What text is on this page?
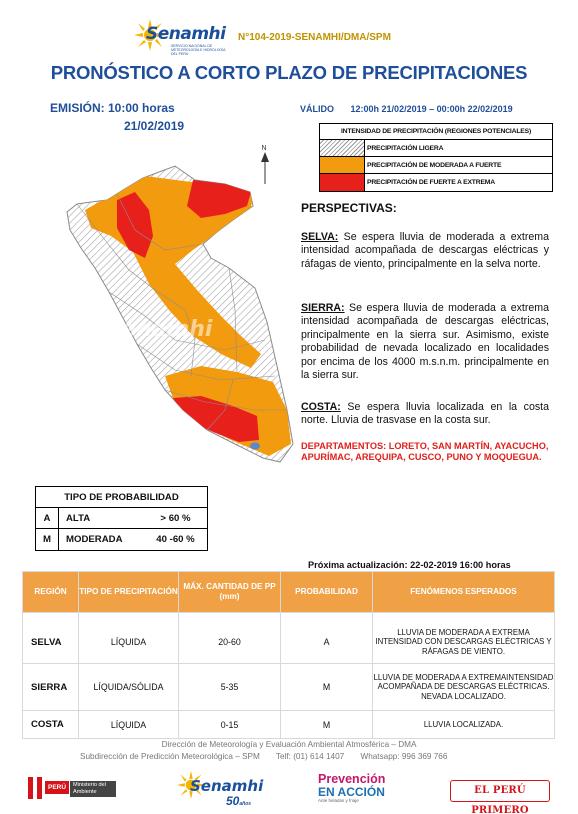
Senamhi
SERVICIO NACIONAL DE METEOROLOGÍA E HIDROLOGÍA DEL PERÚ
N°104-2019-SENAMHI/DMA/SPM
PRONÓSTICO A CORTO PLAZO DE PRECIPITACIONES
EMISIÓN: 10:00 horas
21/02/2019
VÁLIDO 12:00h 21/02/2019 – 00:00h 22/02/2019
INTENSIDAD DE PRECIPITACIÓN (REGIONES POTENCIALES)
PRECIPITACIÓN LIGERA
PRECIPITACIÓN DE MODERADA A FUERTE
PRECIPITACIÓN DE FUERTE A EXTREMA
Senamhi
N
PERSPECTIVAS:

SELVA: Se espera lluvia de moderada a extrema intensidad acompañada de descargas eléctricas y ráfagas de viento, principalmente en la selva norte.

SIERRA: Se espera lluvia de moderada a extrema intensidad acompañada de descargas eléctricas, principalmente en la sierra sur. Asimismo, existe probabilidad de nevada localizado en localidades por encima de los 4000 m.s.n.m. principalmente en la sierra sur.

COSTA: Se espera lluvia localizada en la costa norte. Lluvia de trasvase en la costa sur.

DEPARTAMENTOS: LORETO, SAN MARTÍN, AYACUCHO, APURÍMAC, AREQUIPA, CUSCO, PUNO Y MOQUEGUA.
TIPO DE PROBABILIDAD
A	ALTA	> 60 %
M	MODERADA	40 -60 %
Próxima actualización: 22-02-2019 16:00 horas
REGIÓN	TIPO DE PRECIPITACIÓN	MÁX. CANTIDAD DE PP (mm)	PROBABILIDAD	FENÓMENOS ESPERADOS
SELVA	LÍQUIDA	20-60	A	LLUVIA DE MODERADA A EXTREMA INTENSIDAD CON DESCARGAS ELÉCTRICAS Y RÁFAGAS DE VIENTO.
SIERRA	LÍQUIDA/SÓLIDA	5-35	M	LLUVIA DE MODERADA A EXTREMAINTENSIDAD ACOMPAÑADA DE DESCARGAS ELÉCTRICAS. NEVADA LOCALIZADO.
COSTA	LÍQUIDA	0-15	M	LLUVIA LOCALIZADA.
Dirección de Meteorología y Evaluación Ambiental Atmosférica – DMA
Subdirección de Predicción Meteorológica – SPM Telf: (01) 614 1407 Whatsapp: 996 369 766
PERÚ	Ministerio del Ambiente	Senamhi
50años
Prevención
EN ACCIÓN
Ante heladas y friaje
EL PERÚ PRIMERO
